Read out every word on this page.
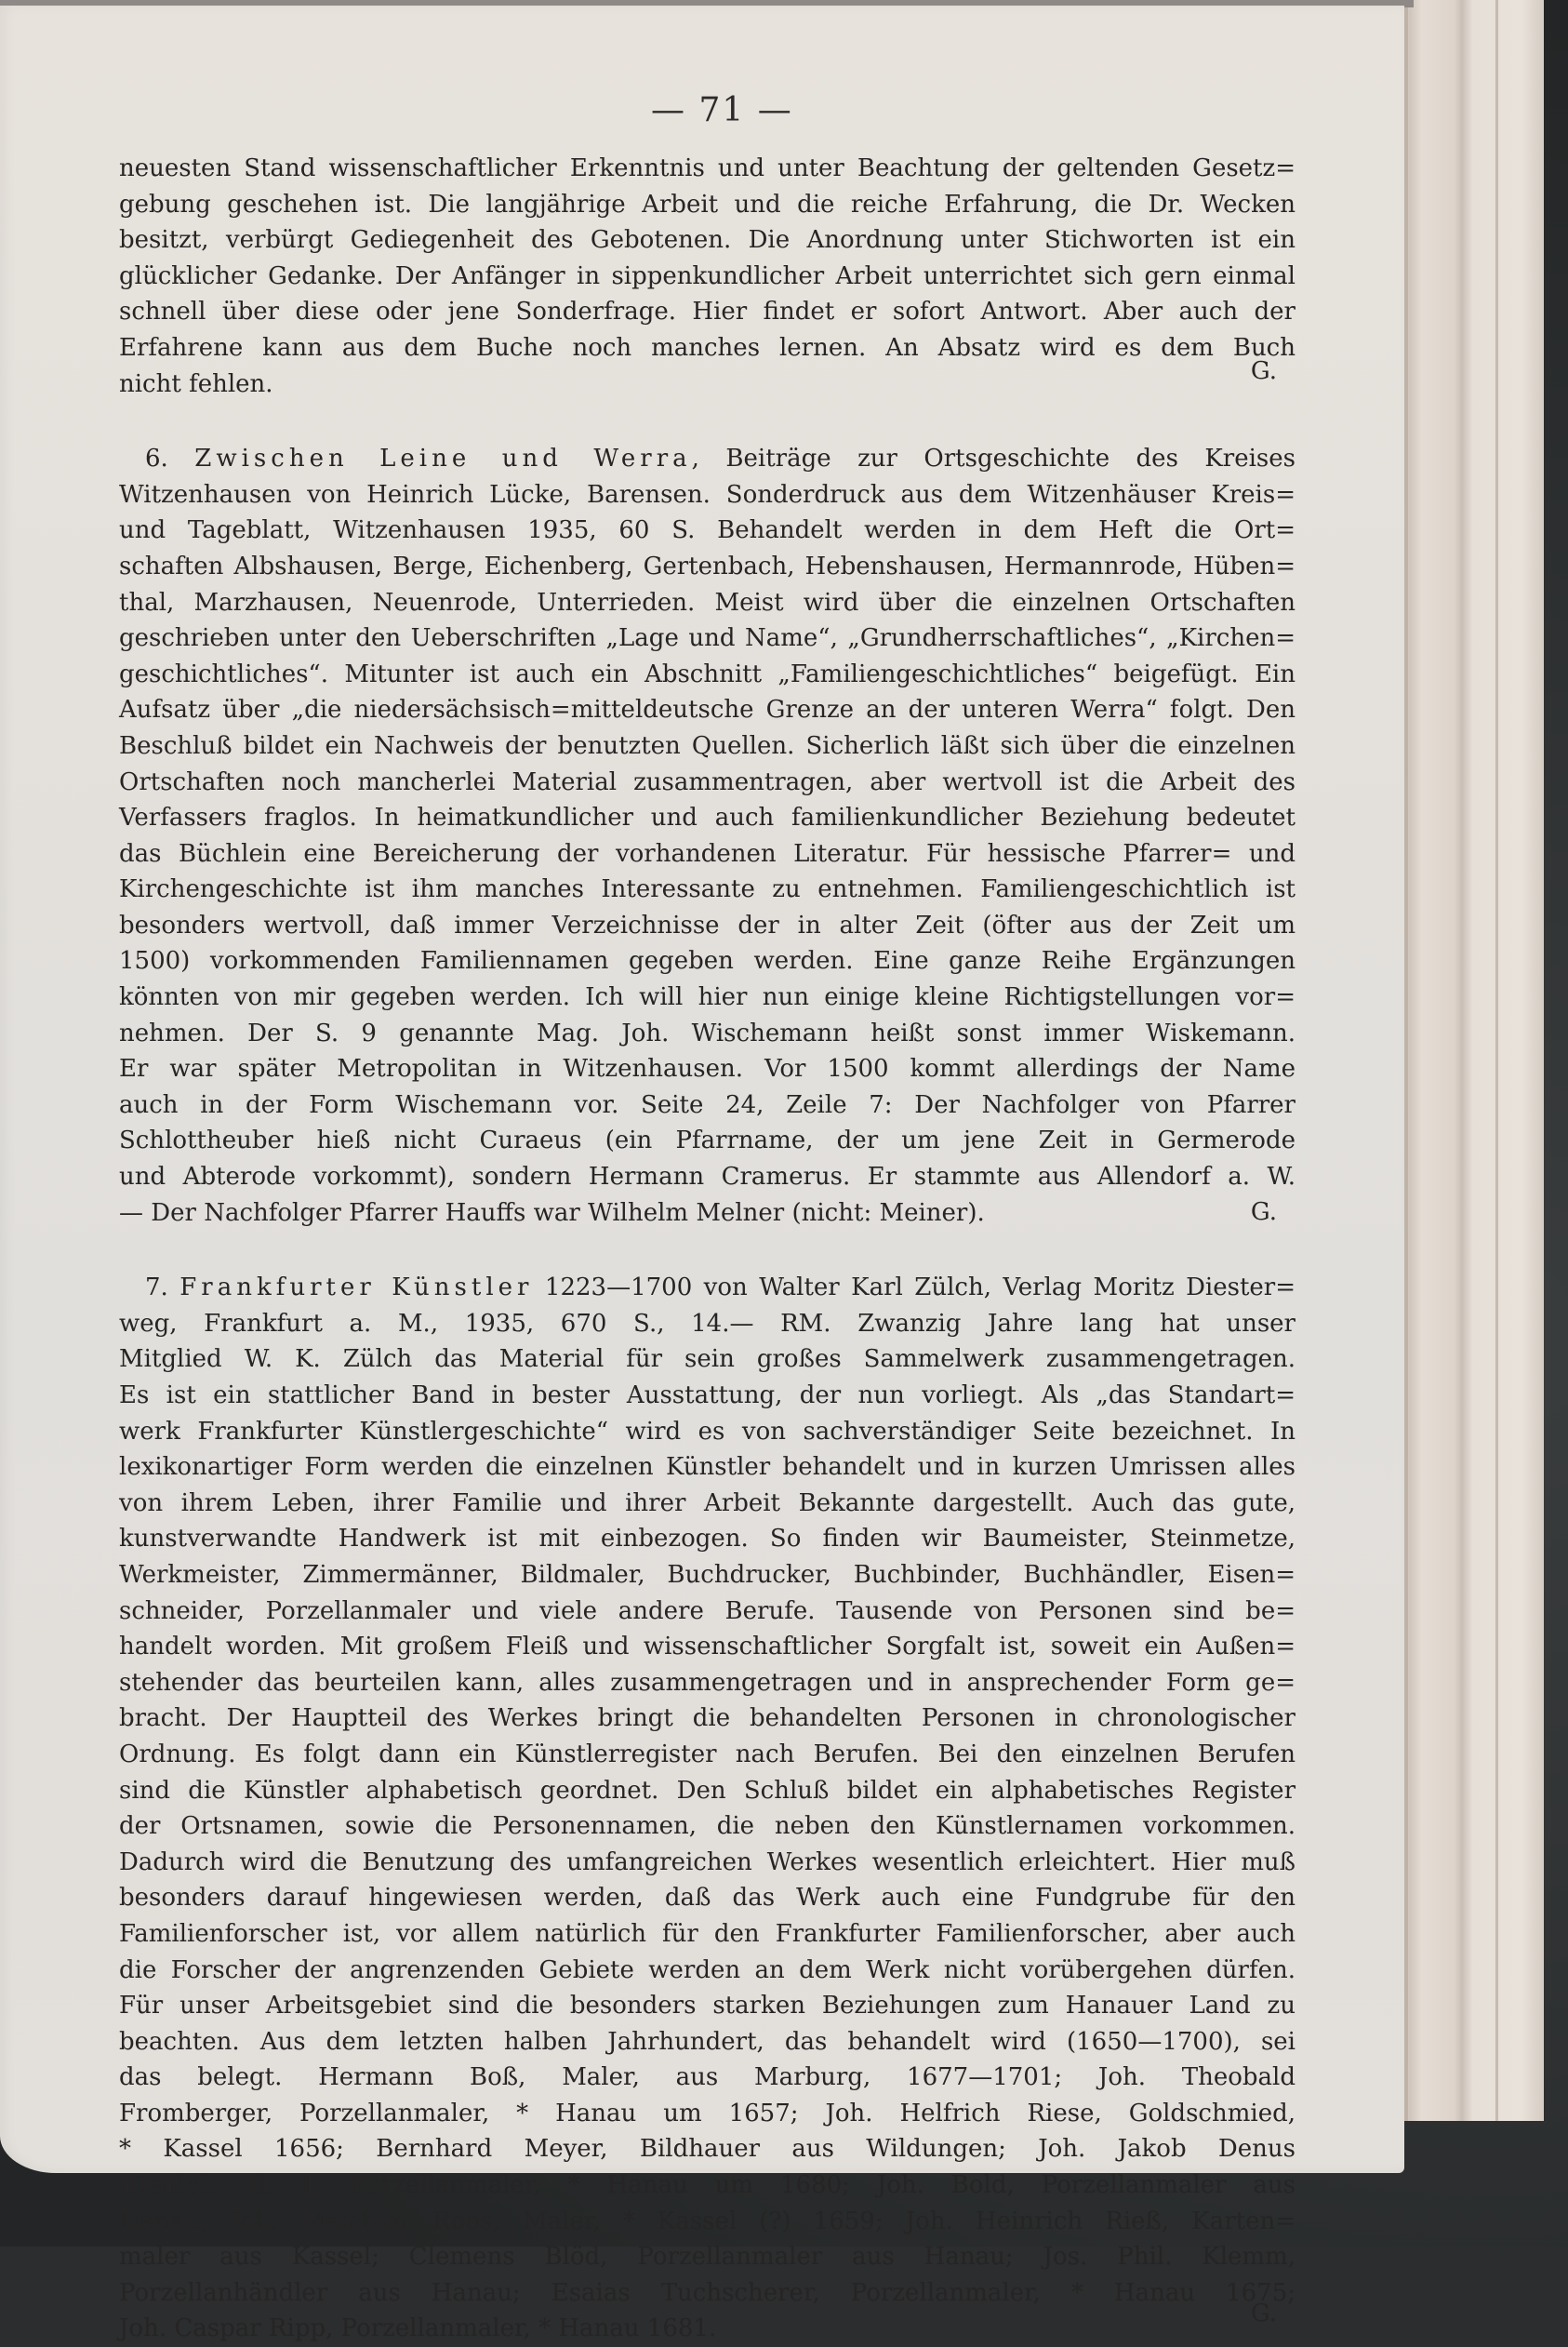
— 71 —
neuesten Stand wissenschaftlicher Erkenntnis und unter Beachtung der geltenden Gesetz=
gebung geschehen ist. Die langjährige Arbeit und die reiche Erfahrung, die Dr. Wecken
besitzt, verbürgt Gediegenheit des Gebotenen. Die Anordnung unter Stichworten ist ein
glücklicher Gedanke. Der Anfänger in sippenkundlicher Arbeit unterrichtet sich gern einmal
schnell über diese oder jene Sonderfrage. Hier findet er sofort Antwort. Aber auch der
Erfahrene kann aus dem Buche noch manches lernen. An Absatz wird es dem Buch
nicht fehlen.	G.
6. Zwischen Leine und Werra, Beiträge zur Ortsgeschichte des Kreises
Witzenhausen von Heinrich Lücke, Barensen. Sonderdruck aus dem Witzenhäuser Kreis=
und Tageblatt, Witzenhausen 1935, 60 S. Behandelt werden in dem Heft die Ort=
schaften Albshausen, Berge, Eichenberg, Gertenbach, Hebenshausen, Hermannrode, Hüben=
thal, Marzhausen, Neuenrode, Unterrieden. Meist wird über die einzelnen Ortschaften
geschrieben unter den Ueberschriften „Lage und Name“, „Grundherrschaftliches“, „Kirchen=
geschichtliches“. Mitunter ist auch ein Abschnitt „Familiengeschichtliches“ beigefügt. Ein
Aufsatz über „die niedersächsisch=mitteldeutsche Grenze an der unteren Werra“ folgt. Den
Beschluß bildet ein Nachweis der benutzten Quellen. Sicherlich läßt sich über die einzelnen
Ortschaften noch mancherlei Material zusammentragen, aber wertvoll ist die Arbeit des
Verfassers fraglos. In heimatkundlicher und auch familienkundlicher Beziehung bedeutet
das Büchlein eine Bereicherung der vorhandenen Literatur. Für hessische Pfarrer= und
Kirchengeschichte ist ihm manches Interessante zu entnehmen. Familiengeschichtlich ist
besonders wertvoll, daß immer Verzeichnisse der in alter Zeit (öfter aus der Zeit um
1500) vorkommenden Familiennamen gegeben werden. Eine ganze Reihe Ergänzungen
könnten von mir gegeben werden. Ich will hier nun einige kleine Richtigstellungen vor=
nehmen. Der S. 9 genannte Mag. Joh. Wischemann heißt sonst immer Wiskemann.
Er war später Metropolitan in Witzenhausen. Vor 1500 kommt allerdings der Name
auch in der Form Wischemann vor. Seite 24, Zeile 7: Der Nachfolger von Pfarrer
Schlottheuber hieß nicht Curaeus (ein Pfarrname, der um jene Zeit in Germerode
und Abterode vorkommt), sondern Hermann Cramerus. Er stammte aus Allendorf a. W.
G.
— Der Nachfolger Pfarrer Hauffs war Wilhelm Melner (nicht: Meiner).
7. Frankfurter Künstler 1223—1700 von Walter Karl Zülch, Verlag Moritz Diester=
weg, Frankfurt a. M., 1935, 670 S., 14.— RM. Zwanzig Jahre lang hat unser
Mitglied W. K. Zülch das Material für sein großes Sammelwerk zusammengetragen.
Es ist ein stattlicher Band in bester Ausstattung, der nun vorliegt. Als „das Standart=
werk Frankfurter Künstlergeschichte“ wird es von sachverständiger Seite bezeichnet. In
lexikonartiger Form werden die einzelnen Künstler behandelt und in kurzen Umrissen alles
von ihrem Leben, ihrer Familie und ihrer Arbeit Bekannte dargestellt. Auch das gute,
kunstverwandte Handwerk ist mit einbezogen. So finden wir Baumeister, Steinmetze,
Werkmeister, Zimmermänner, Bildmaler, Buchdrucker, Buchbinder, Buchhändler, Eisen=
schneider, Porzellanmaler und viele andere Berufe. Tausende von Personen sind be=
handelt worden. Mit großem Fleiß und wissenschaftlicher Sorgfalt ist, soweit ein Außen=
stehender das beurteilen kann, alles zusammengetragen und in ansprechender Form ge=
bracht. Der Hauptteil des Werkes bringt die behandelten Personen in chronologischer
Ordnung. Es folgt dann ein Künstlerregister nach Berufen. Bei den einzelnen Berufen
sind die Künstler alphabetisch geordnet. Den Schluß bildet ein alphabetisches Register
der Ortsnamen, sowie die Personennamen, die neben den Künstlernamen vorkommen.
Dadurch wird die Benutzung des umfangreichen Werkes wesentlich erleichtert. Hier muß
besonders darauf hingewiesen werden, daß das Werk auch eine Fundgrube für den
Familienforscher ist, vor allem natürlich für den Frankfurter Familienforscher, aber auch
die Forscher der angrenzenden Gebiete werden an dem Werk nicht vorübergehen dürfen.
Für unser Arbeitsgebiet sind die besonders starken Beziehungen zum Hanauer Land zu
beachten. Aus dem letzten halben Jahrhundert, das behandelt wird (1650—1700), sei
das belegt. Hermann Boß, Maler, aus Marburg, 1677—1701; Joh. Theobald
Fromberger, Porzellanmaler, * Hanau um 1657; Joh. Helfrich Riese, Goldschmied,
* Kassel 1656; Bernhard Meyer, Bildhauer aus Wildungen; Joh. Jakob Denus
(Denich) d. J., Porzellanmaler, * Hanau um 1680; Joh. Bold, Porzellanmaler aus
Hanau; Joh. Melchior Roos, Maler, * Kassel (?) 1659; Joh. Heinrich Rieß, Karten=
maler aus Kassel; Clemens Blöd, Porzellanmaler aus Hanau; Jos. Phil. Klemm,
Porzellanhändler aus Hanau; Esaias Tuchscherer, Porzellanmaler, * Hanau 1675;
G.
Joh. Caspar Ripp, Porzellanmaler, * Hanau 1681.
